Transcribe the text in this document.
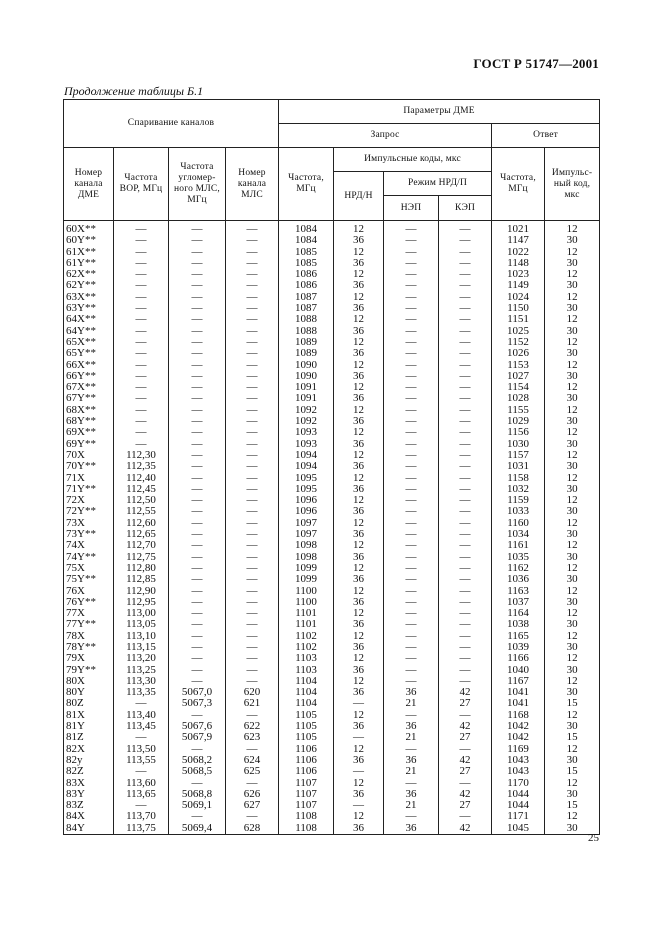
ГОСТ Р 51747—2001
Продолжение таблицы Б.1
Спаривание каналов				Параметры ДМЕ					
				Запрос				Ответ	
Номер канала ДМЕ	Частота ВОР, МГц	Частота угломер-ного МЛС, МГц	Номер канала МЛС	Частота, МГц	Импульсные коды, мкс			Частота, МГц	Импульс-ный код, мкс
					НРД/Н	Режим НРД/П			
						НЭП	КЭП		
60X**	—	—	—	1084	12	—	—	1021	12
60Y**	—	—	—	1084	36	—	—	1147	30
61X**	—	—	—	1085	12	—	—	1022	12
61Y**	—	—	—	1085	36	—	—	1148	30
62X**	—	—	—	1086	12	—	—	1023	12
62Y**	—	—	—	1086	36	—	—	1149	30
63X**	—	—	—	1087	12	—	—	1024	12
63Y**	—	—	—	1087	36	—	—	1150	30
64X**	—	—	—	1088	12	—	—	1151	12
64Y**	—	—	—	1088	36	—	—	1025	30
65X**	—	—	—	1089	12	—	—	1152	12
65Y**	—	—	—	1089	36	—	—	1026	30
66X**	—	—	—	1090	12	—	—	1153	12
66Y**	—	—	—	1090	36	—	—	1027	30
67X**	—	—	—	1091	12	—	—	1154	12
67Y**	—	—	—	1091	36	—	—	1028	30
68X**	—	—	—	1092	12	—	—	1155	12
68Y**	—	—	—	1092	36	—	—	1029	30
69X**	—	—	—	1093	12	—	—	1156	12
69Y**	—	—	—	1093	36	—	—	1030	30
70X	112,30	—	—	1094	12	—	—	1157	12
70Y**	112,35	—	—	1094	36	—	—	1031	30
71X	112,40	—	—	1095	12	—	—	1158	12
71Y**	112,45	—	—	1095	36	—	—	1032	30
72X	112,50	—	—	1096	12	—	—	1159	12
72Y**	112,55	—	—	1096	36	—	—	1033	30
73X	112,60	—	—	1097	12	—	—	1160	12
73Y**	112,65	—	—	1097	36	—	—	1034	30
74X	112,70	—	—	1098	12	—	—	1161	12
74Y**	112,75	—	—	1098	36	—	—	1035	30
75X	112,80	—	—	1099	12	—	—	1162	12
75Y**	112,85	—	—	1099	36	—	—	1036	30
76X	112,90	—	—	1100	12	—	—	1163	12
76Y**	112,95	—	—	1100	36	—	—	1037	30
77X	113,00	—	—	1101	12	—	—	1164	12
77Y**	113,05	—	—	1101	36	—	—	1038	30
78X	113,10	—	—	1102	12	—	—	1165	12
78Y**	113,15	—	—	1102	36	—	—	1039	30
79X	113,20	—	—	1103	12	—	—	1166	12
79Y**	113,25	—	—	1103	36	—	—	1040	30
80X	113,30	—	—	1104	12	—	—	1167	12
80Y	113,35	5067,0	620	1104	36	36	42	1041	30
80Z	—	5067,3	621	1104	—	21	27	1041	15
81X	113,40	—	—	1105	12	—	—	1168	12
81Y	113,45	5067,6	622	1105	36	36	42	1042	30
81Z	—	5067,9	623	1105	—	21	27	1042	15
82X	113,50	—	—	1106	12	—	—	1169	12
82y	113,55	5068,2	624	1106	36	36	42	1043	30
82Z	—	5068,5	625	1106	—	21	27	1043	15
83X	113,60	—	—	1107	12	—	—	1170	12
83Y	113,65	5068,8	626	1107	36	36	42	1044	30
83Z	—	5069,1	627	1107	—	21	27	1044	15
84X	113,70	—	—	1108	12	—	—	1171	12
84Y	113,75	5069,4	628	1108	36	36	42	1045	30
25
